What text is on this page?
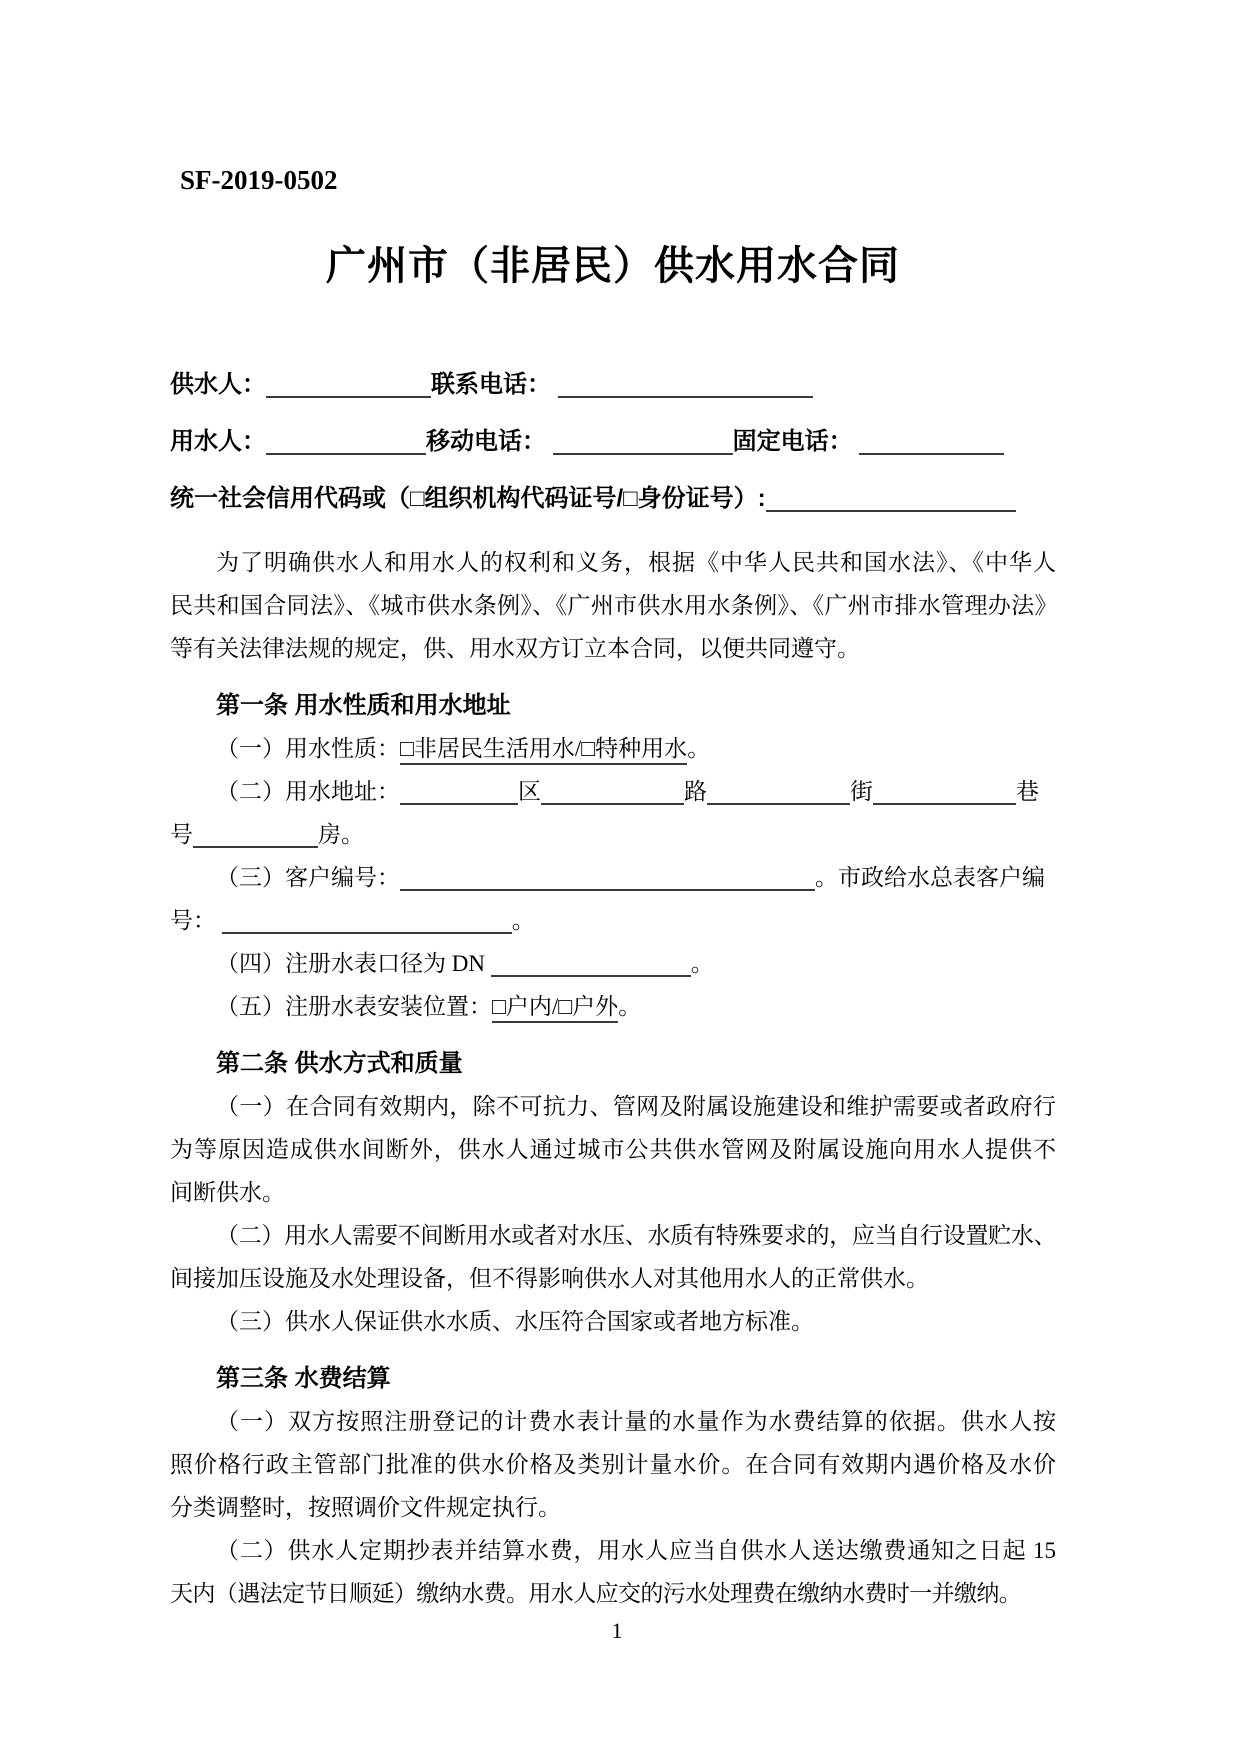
SF-2019-0502
广州市（非居民）供水用水合同
供水人：	联系电话：
用水人：	移动电话：	固定电话：
统一社会信用代码或（□组织机构代码证号/□身份证号）:
为了明确供水人和用水人的权利和义务，根据《中华人民共和国水法》、《中华人
民共和国合同法》、《城市供水条例》、《广州市供水用水条例》、《广州市排水管理办法》
等有关法律法规的规定，供、用水双方订立本合同，以便共同遵守。
第一条 用水性质和用水地址
（一）用水性质：□非居民生活用水/□特种用水。
（二）用水地址：	区	路	街	巷
号	房。
（三）客户编号：	。市政给水总表客户编
号：	。
（四）注册水表口径为 DN	。
（五）注册水表安装位置：□户内/□户外。
第二条 供水方式和质量
（一）在合同有效期内，除不可抗力、管网及附属设施建设和维护需要或者政府行
为等原因造成供水间断外，供水人通过城市公共供水管网及附属设施向用水人提供不
间断供水。
（二）用水人需要不间断用水或者对水压、水质有特殊要求的，应当自行设置贮水、
间接加压设施及水处理设备，但不得影响供水人对其他用水人的正常供水。
（三）供水人保证供水水质、水压符合国家或者地方标准。
第三条 水费结算
（一）双方按照注册登记的计费水表计量的水量作为水费结算的依据。供水人按
照价格行政主管部门批准的供水价格及类别计量水价。在合同有效期内遇价格及水价
分类调整时，按照调价文件规定执行。
（二）供水人定期抄表并结算水费，用水人应当自供水人送达缴费通知之日起 15
天内（遇法定节日顺延）缴纳水费。用水人应交的污水处理费在缴纳水费时一并缴纳。
1
